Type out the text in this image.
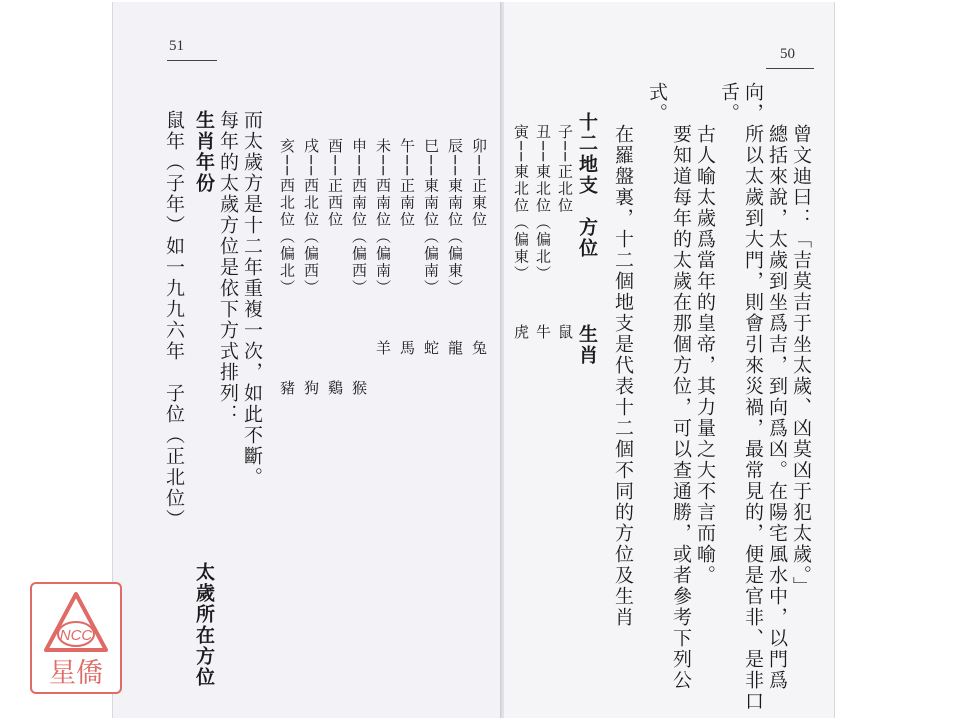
51
太歲所在方位
鼠年（子年）如一九九六年　子位（正北位） 生肖年份 每年的太歲方位是依下方式排列： 而太歲方是十二年重複一次，如此不斷。 亥──西北位（偏北） 戌──西北位（偏西） 酉──正西位 申──西南位（偏西） 未──西南位（偏南） 午──正南位 巳──東南位（偏南） 辰──東南位（偏東） 卯──正東位
豬 狗 鷄 猴
羊 馬 蛇 龍 兔
50
寅──東北位（偏東） 丑──東北位（偏北） 子──正北位 十二地支　方位
虎 牛 鼠 生肖 在羅盤裏，十二個地支是代表十二個不同的方位及生肖
式。
要知道每年的太歲在那個方位，可以查通勝，或者參考下列公 古人喻太歲爲當年的皇帝，其力量之大不言而喻。
舌。 向，所以太歲到大門，則會引來災禍，最常見的，便是官非、是非口 總括來說，太歲到坐爲吉，到向爲凶。在陽宅風水中，以門爲 曾文迪曰：「吉莫吉于坐太歲、凶莫凶于犯太歲。」
NCC
星僑
